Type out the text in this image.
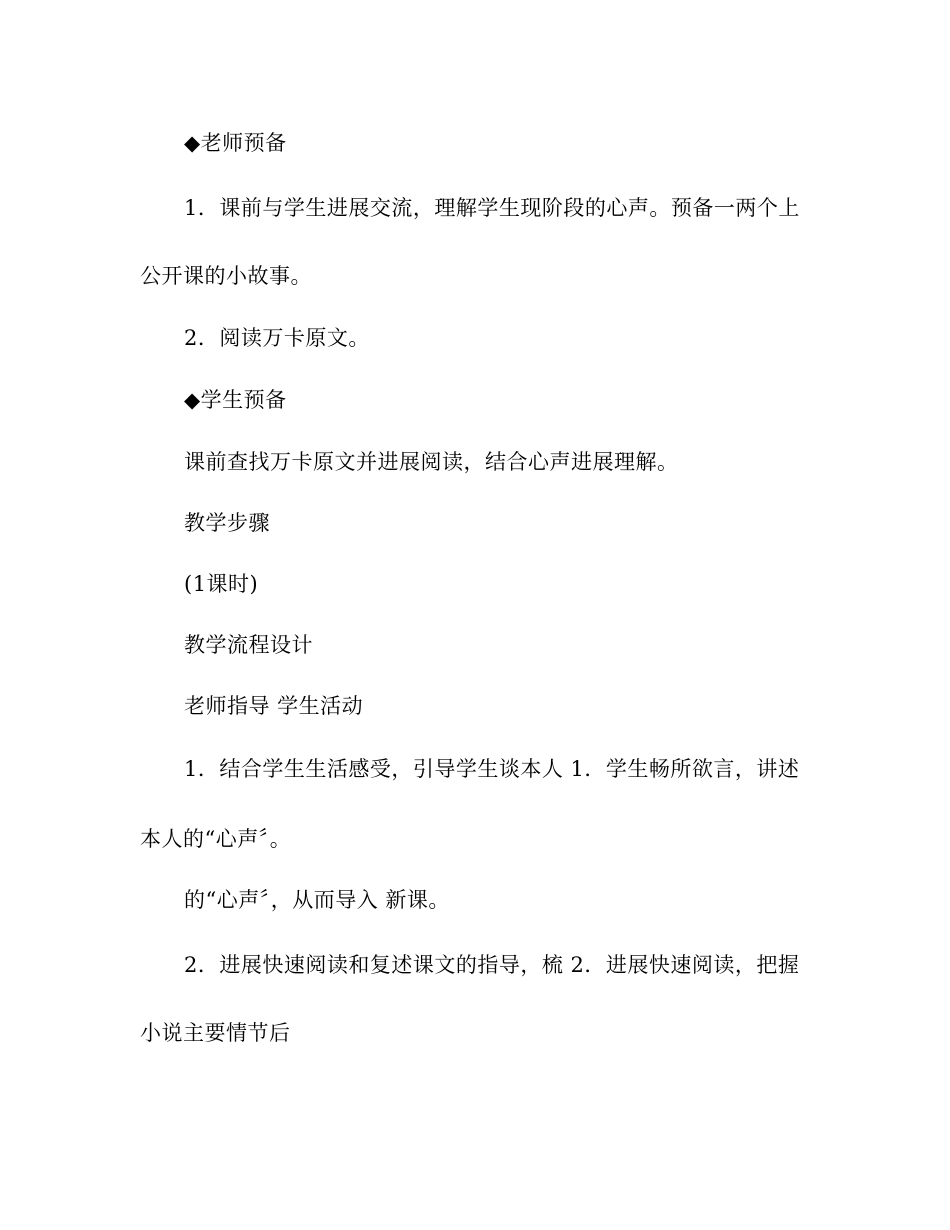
◆老师预备
1．课前与学生进展交流，理解学生现阶段的心声。预备一两个上
公开课的小故事。
2．阅读万卡原文。
◆学生预备
课前查找万卡原文并进展阅读，结合心声进展理解。
教学步骤
(1课时)
教学流程设计
老师指导 学生活动
1．结合学生生活感受，引导学生谈本人 1．学生畅所欲言，讲述
本人的“心声〞。
的“心声〞，从而导入 新课。
2．进展快速阅读和复述课文的指导，梳 2．进展快速阅读，把握
小说主要情节后
